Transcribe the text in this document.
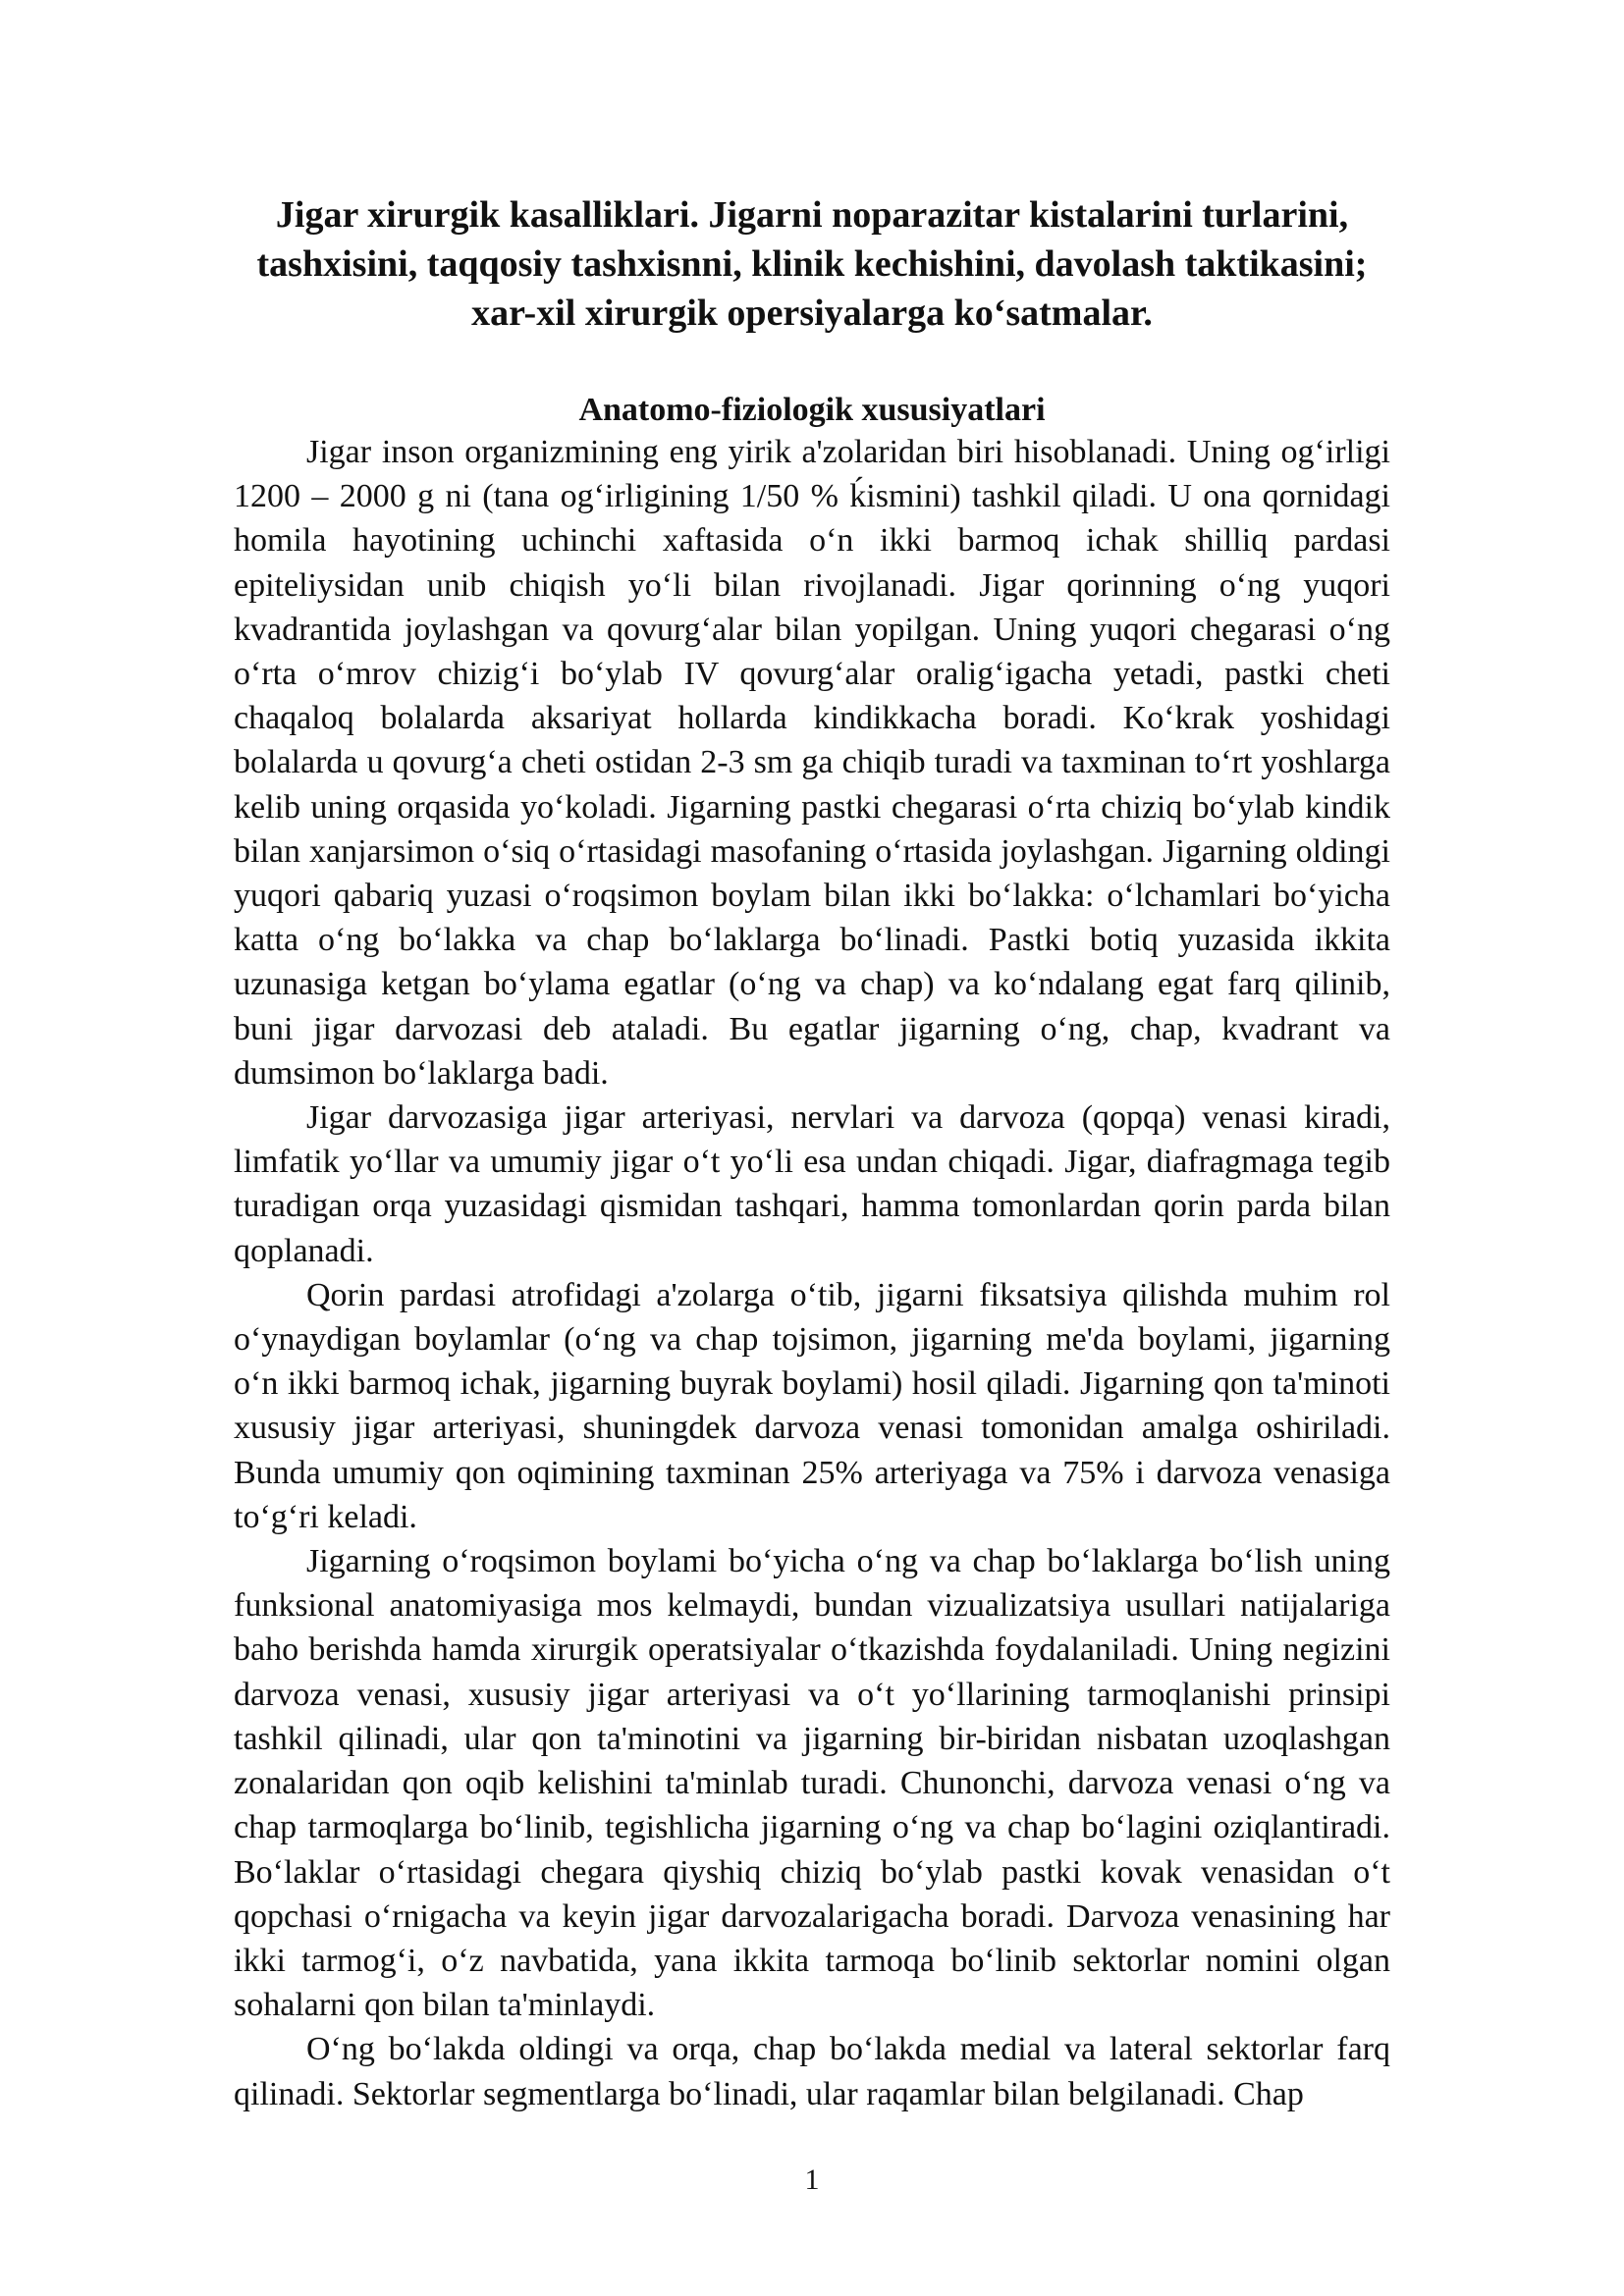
Jigar xirurgik kasalliklari. Jigarni noparazitar kistalarini turlarini, tashxisini, taqqosiy tashxisnni, klinik kechishini, davolash taktikasini; xar-xil xirurgik opersiyalarga ko‘satmalar.
Anatomo-fiziologik xususiyatlari

Jigar inson organizmining eng yirik a'zolaridan biri hisoblanadi. Uning og‘irligi 1200 – 2000 g ni (tana og‘irligining 1/50 % ḱismini) tashkil qiladi. U ona qornidagi homila hayotining uchinchi xaftasida o‘n ikki barmoq ichak shilliq pardasi epiteliysidan unib chiqish yo‘li bilan rivojlanadi. Jigar qorinning o‘ng yuqori kvadrantida joylashgan va qovurg‘alar bilan yopilgan. Uning yuqori chegarasi o‘ng o‘rta o‘mrov chizig‘i bo‘ylab IV qovurg‘alar oralig‘igacha yetadi, pastki cheti chaqaloq bolalarda aksariyat hollarda kindikkacha boradi. Ko‘krak yoshidagi bolalarda u qovurg‘a cheti ostidan 2-3 sm ga chiqib turadi va taxminan to‘rt yoshlarga kelib uning orqasida yo‘koladi. Jigarning pastki chegarasi o‘rta chiziq bo‘ylab kindik bilan xanjarsimon o‘siq o‘rtasidagi masofaning o‘rtasida joylashgan. Jigarning oldingi yuqori qabariq yuzasi o‘roqsimon boylam bilan ikki bo‘lakka: o‘lchamlari bo‘yicha katta o‘ng bo‘lakka va chap bo‘laklarga bo‘linadi. Pastki botiq yuzasida ikkita uzunasiga ketgan bo‘ylama egatlar (o‘ng va chap) va ko‘ndalang egat farq qilinib, buni jigar darvozasi deb ataladi. Bu egatlar jigarning o‘ng, chap, kvadrant va dumsimon bo‘laklarga badi.

Jigar darvozasiga jigar arteriyasi, nervlari va darvoza (qopqa) venasi kiradi, limfatik yo‘llar va umumiy jigar o‘t yo‘li esa undan chiqadi. Jigar, diafragmaga tegib turadigan orqa yuzasidagi qismidan tashqari, hamma tomonlardan qorin parda bilan qoplanadi.

Qorin pardasi atrofidagi a'zolarga o‘tib, jigarni fiksatsiya qilishda muhim rol o‘ynaydigan boylamlar (o‘ng va chap tojsimon, jigarning me'da boylami, jigarning o‘n ikki barmoq ichak, jigarning buyrak boylami) hosil qiladi. Jigarning qon ta'minoti xususiy jigar arteriyasi, shuningdek darvoza venasi tomonidan amalga oshiriladi. Bunda umumiy qon oqimining taxminan 25% arteriyaga va 75% i darvoza venasiga to‘g‘ri keladi.

Jigarning o‘roqsimon boylami bo‘yicha o‘ng va chap bo‘laklarga bo‘lish uning funksional anatomiyasiga mos kelmaydi, bundan vizualizatsiya usullari natijalariga baho berishda hamda xirurgik operatsiyalar o‘tkazishda foydalaniladi. Uning negizini darvoza venasi, xususiy jigar arteriyasi va o‘t yo‘llarining tarmoqlanishi prinsipi tashkil qilinadi, ular qon ta'minotini va jigarning bir-biridan nisbatan uzoqlashgan zonalaridan qon oqib kelishini ta'minlab turadi. Chunonchi, darvoza venasi o‘ng va chap tarmoqlarga bo‘linib, tegishlicha jigarning o‘ng va chap bo‘lagini oziqlantiradi. Bo‘laklar o‘rtasidagi chegara qiyshiq chiziq bo‘ylab pastki kovak venasidan o‘t qopchasi o‘rnigacha va keyin jigar darvozalarigacha boradi. Darvoza venasining har ikki tarmog‘i, o‘z navbatida, yana ikkita tarmoqa bo‘linib sektorlar nomini olgan sohalarni qon bilan ta'minlaydi.

O‘ng bo‘lakda oldingi va orqa, chap bo‘lakda medial va lateral sektorlar farq qilinadi. Sektorlar segmentlarga bo‘linadi, ular raqamlar bilan belgilanadi. Chap

1
